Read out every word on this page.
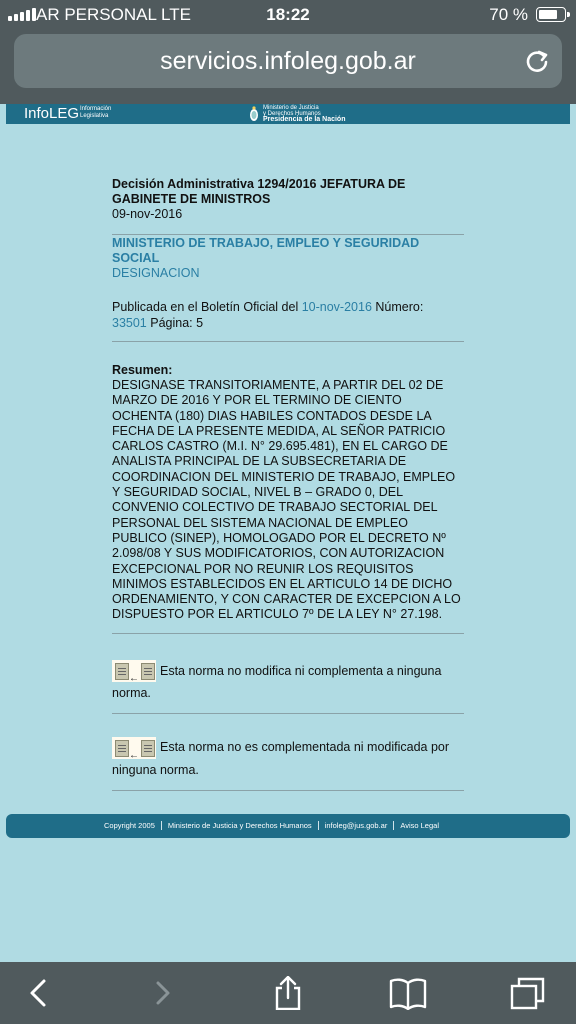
AR PERSONAL LTE	18:22	70 %
servicios.infoleg.gob.ar
InfoLEG Información
Legislativa
Ministerio de Justicia
y Derechos Humanos
Presidencia de la Nación
Decisión Administrativa 1294/2016 JEFATURA DE
GABINETE DE MINISTROS
09-nov-2016
MINISTERIO DE TRABAJO, EMPLEO Y SEGURIDAD
SOCIAL
DESIGNACION
Publicada en el Boletín Oficial del 10-nov-2016 Número:
33501 Página: 5
Resumen:
DESIGNASE TRANSITORIAMENTE, A PARTIR DEL 02 DE
MARZO DE 2016 Y POR EL TERMINO DE CIENTO
OCHENTA (180) DIAS HABILES CONTADOS DESDE LA
FECHA DE LA PRESENTE MEDIDA, AL SEÑOR PATRICIO
CARLOS CASTRO (M.I. N° 29.695.481), EN EL CARGO DE
ANALISTA PRINCIPAL DE LA SUBSECRETARIA DE
COORDINACION DEL MINISTERIO DE TRABAJO, EMPLEO
Y SEGURIDAD SOCIAL, NIVEL B – GRADO 0, DEL
CONVENIO COLECTIVO DE TRABAJO SECTORIAL DEL
PERSONAL DEL SISTEMA NACIONAL DE EMPLEO
PUBLICO (SINEP), HOMOLOGADO POR EL DECRETO Nº
2.098/08 Y SUS MODIFICATORIOS, CON AUTORIZACION
EXCEPCIONAL POR NO REUNIR LOS REQUISITOS
MINIMOS ESTABLECIDOS EN EL ARTICULO 14 DE DICHO
ORDENAMIENTO, Y CON CARACTER DE EXCEPCION A LO
DISPUESTO POR EL ARTICULO 7º DE LA LEY N° 27.198.
←
Esta norma no modifica ni complementa a ninguna
norma.
←
Esta norma no es complementada ni modificada por
ninguna norma.
Copyright 2005	Ministerio de Justicia y Derechos Humanos	infoleg@jus.gob.ar	Aviso Legal
